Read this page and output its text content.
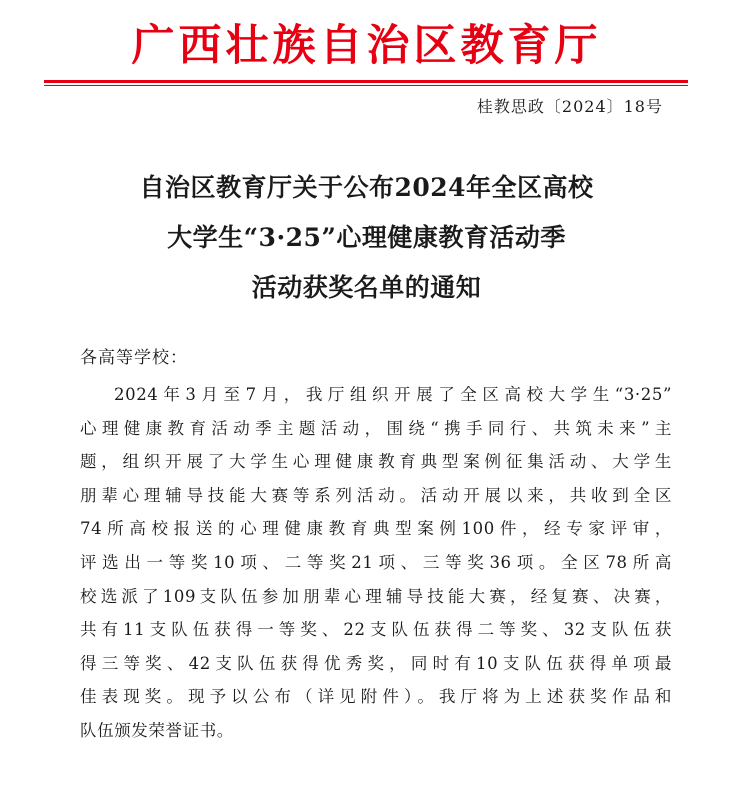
广西壮族自治区教育厅
桂教思政〔2024〕18号
自治区教育厅关于公布2024年全区高校
大学生“3·25”心理健康教育活动季
活动获奖名单的通知
各高等学校：
2024年3月至7月，我厅组织开展了全区高校大学生“3·25”
心理健康教育活动季主题活动，围绕“携手同行、共筑未来”主
题，组织开展了大学生心理健康教育典型案例征集活动、大学生
朋辈心理辅导技能大赛等系列活动。活动开展以来，共收到全区
74所高校报送的心理健康教育典型案例100件，经专家评审，
评选出一等奖10项、二等奖21项、三等奖36项。全区78所高
校选派了109支队伍参加朋辈心理辅导技能大赛，经复赛、决赛，
共有11支队伍获得一等奖、22支队伍获得二等奖、32支队伍获
得三等奖、42支队伍获得优秀奖，同时有10支队伍获得单项最
佳表现奖。现予以公布（详见附件）。我厅将为上述获奖作品和
队伍颁发荣誉证书。
